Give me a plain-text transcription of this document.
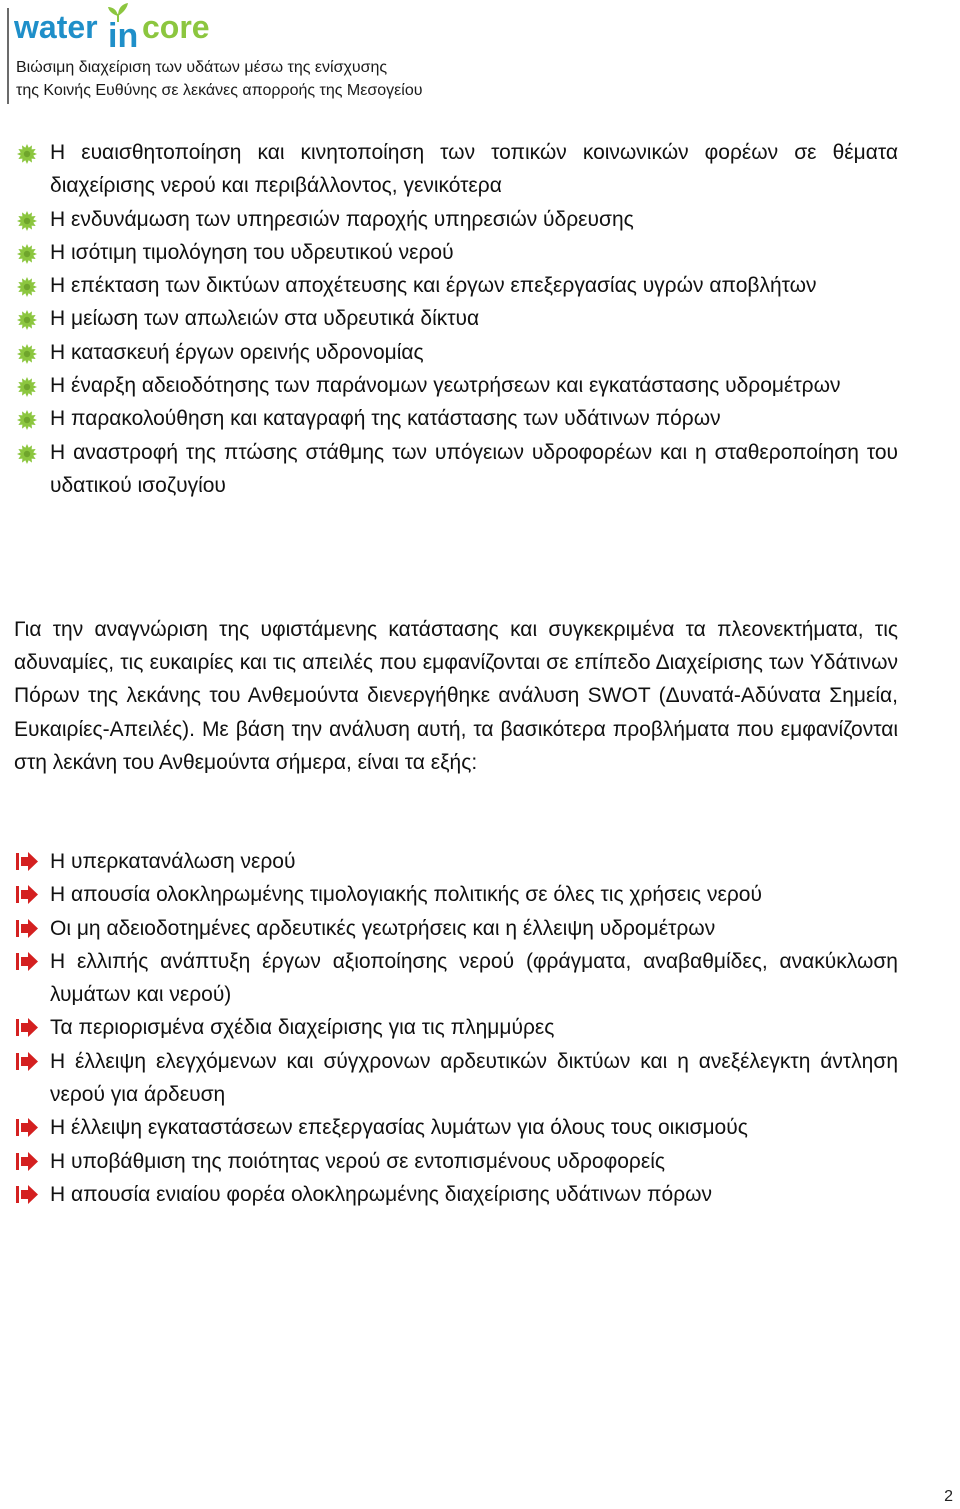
water in core
Βιώσιμη διαχείριση των υδάτων μέσω της ενίσχυσης
της Κοινής Ευθύνης σε λεκάνες απορροής της Μεσογείου
Η ευαισθητοποίηση και κινητοποίηση των τοπικών κοινωνικών φορέων σε θέματα διαχείρισης νερού και περιβάλλοντος, γενικότερα
Η ενδυνάμωση των υπηρεσιών παροχής υπηρεσιών ύδρευσης
Η ισότιμη τιμολόγηση του υδρευτικού νερού
Η επέκταση των δικτύων αποχέτευσης και έργων επεξεργασίας υγρών αποβλήτων
Η μείωση των απωλειών στα υδρευτικά δίκτυα
Η κατασκευή έργων ορεινής υδρονομίας
Η έναρξη αδειοδότησης των παράνομων γεωτρήσεων και εγκατάστασης υδρομέτρων
Η παρακολούθηση και καταγραφή της κατάστασης των υδάτινων πόρων
Η αναστροφή της πτώσης στάθμης των υπόγειων υδροφορέων και η σταθεροποίηση του υδατικού ισοζυγίου
Για την αναγνώριση της υφιστάμενης κατάστασης και συγκεκριμένα τα πλεονεκτήματα, τις αδυναμίες, τις ευκαιρίες και τις απειλές που εμφανίζονται σε επίπεδο Διαχείρισης των Υδάτινων Πόρων της λεκάνης του Ανθεμούντα διενεργήθηκε ανάλυση SWOT (Δυνατά-Αδύνατα Σημεία, Ευκαιρίες-Απειλές). Με βάση την ανάλυση αυτή, τα βασικότερα προβλήματα που εμφανίζονται στη λεκάνη του Ανθεμούντα σήμερα, είναι τα εξής:
Η υπερκατανάλωση νερού
Η απουσία ολοκληρωμένης τιμολογιακής πολιτικής σε όλες τις χρήσεις νερού
Οι μη αδειοδοτημένες αρδευτικές γεωτρήσεις και η έλλειψη υδρομέτρων
Η ελλιπής ανάπτυξη έργων αξιοποίησης νερού (φράγματα, αναβαθμίδες, ανακύκλωση λυμάτων και νερού)
Τα περιορισμένα σχέδια διαχείρισης για τις πλημμύρες
Η έλλειψη ελεγχόμενων και σύγχρονων αρδευτικών δικτύων και η ανεξέλεγκτη άντληση νερού για άρδευση
Η έλλειψη εγκαταστάσεων επεξεργασίας λυμάτων για όλους τους οικισμούς
Η υποβάθμιση της ποιότητας νερού σε εντοπισμένους υδροφορείς
Η απουσία ενιαίου φορέα ολοκληρωμένης διαχείρισης υδάτινων πόρων
2
